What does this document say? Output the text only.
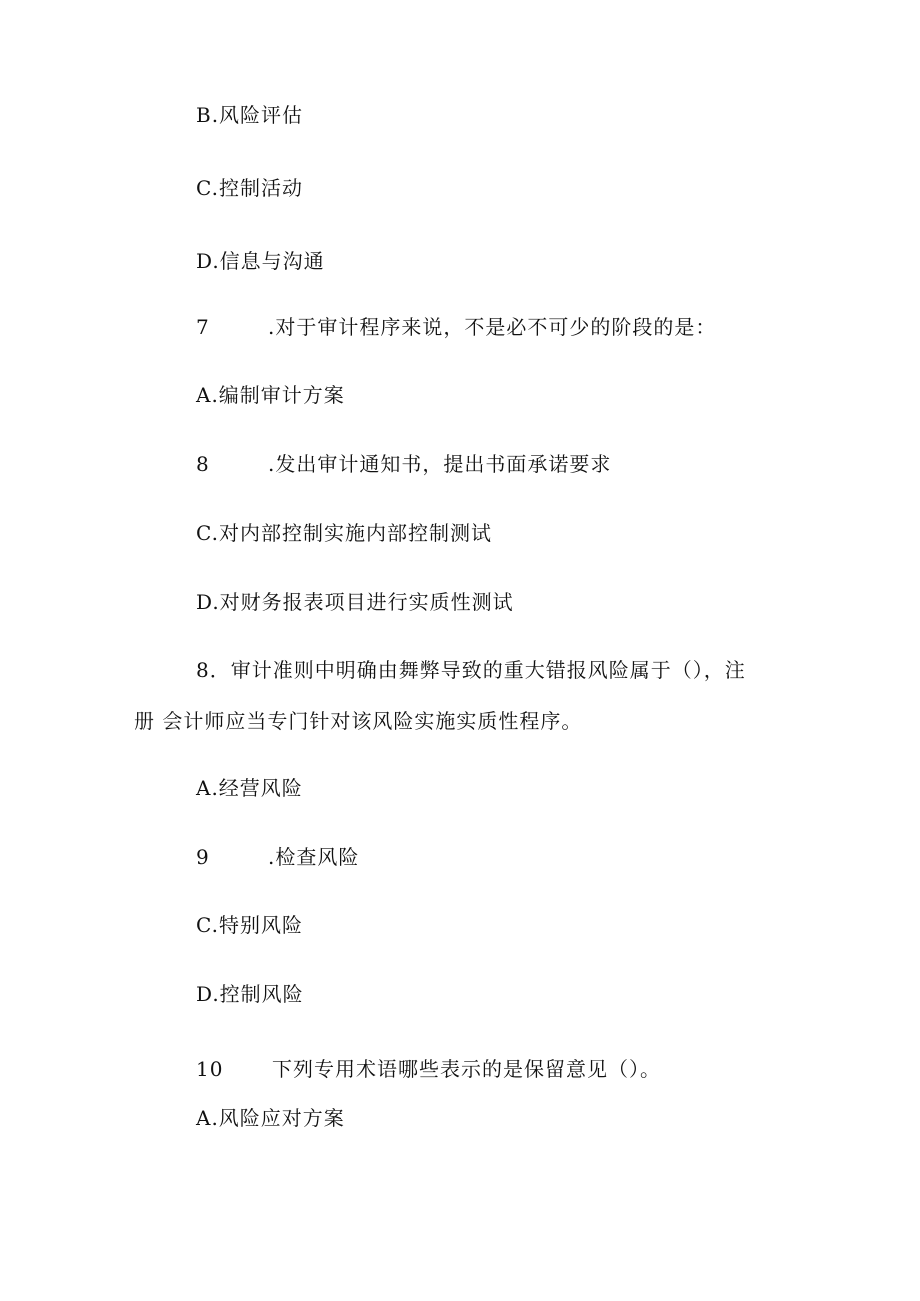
B.风险评估
C.控制活动
D.信息与沟通
7	.对于审计程序来说，不是必不可少的阶段的是：
A.编制审计方案
8	.发出审计通知书，提出书面承诺要求
C.对内部控制实施内部控制测试
D.对财务报表项目进行实质性测试
8．审计准则中明确由舞弊导致的重大错报风险属于（），注
册 会计师应当专门针对该风险实施实质性程序。
A.经营风险
9	.检查风险
C.特别风险
D.控制风险
10 下列专用术语哪些表示的是保留意见（）。
A.风险应对方案
